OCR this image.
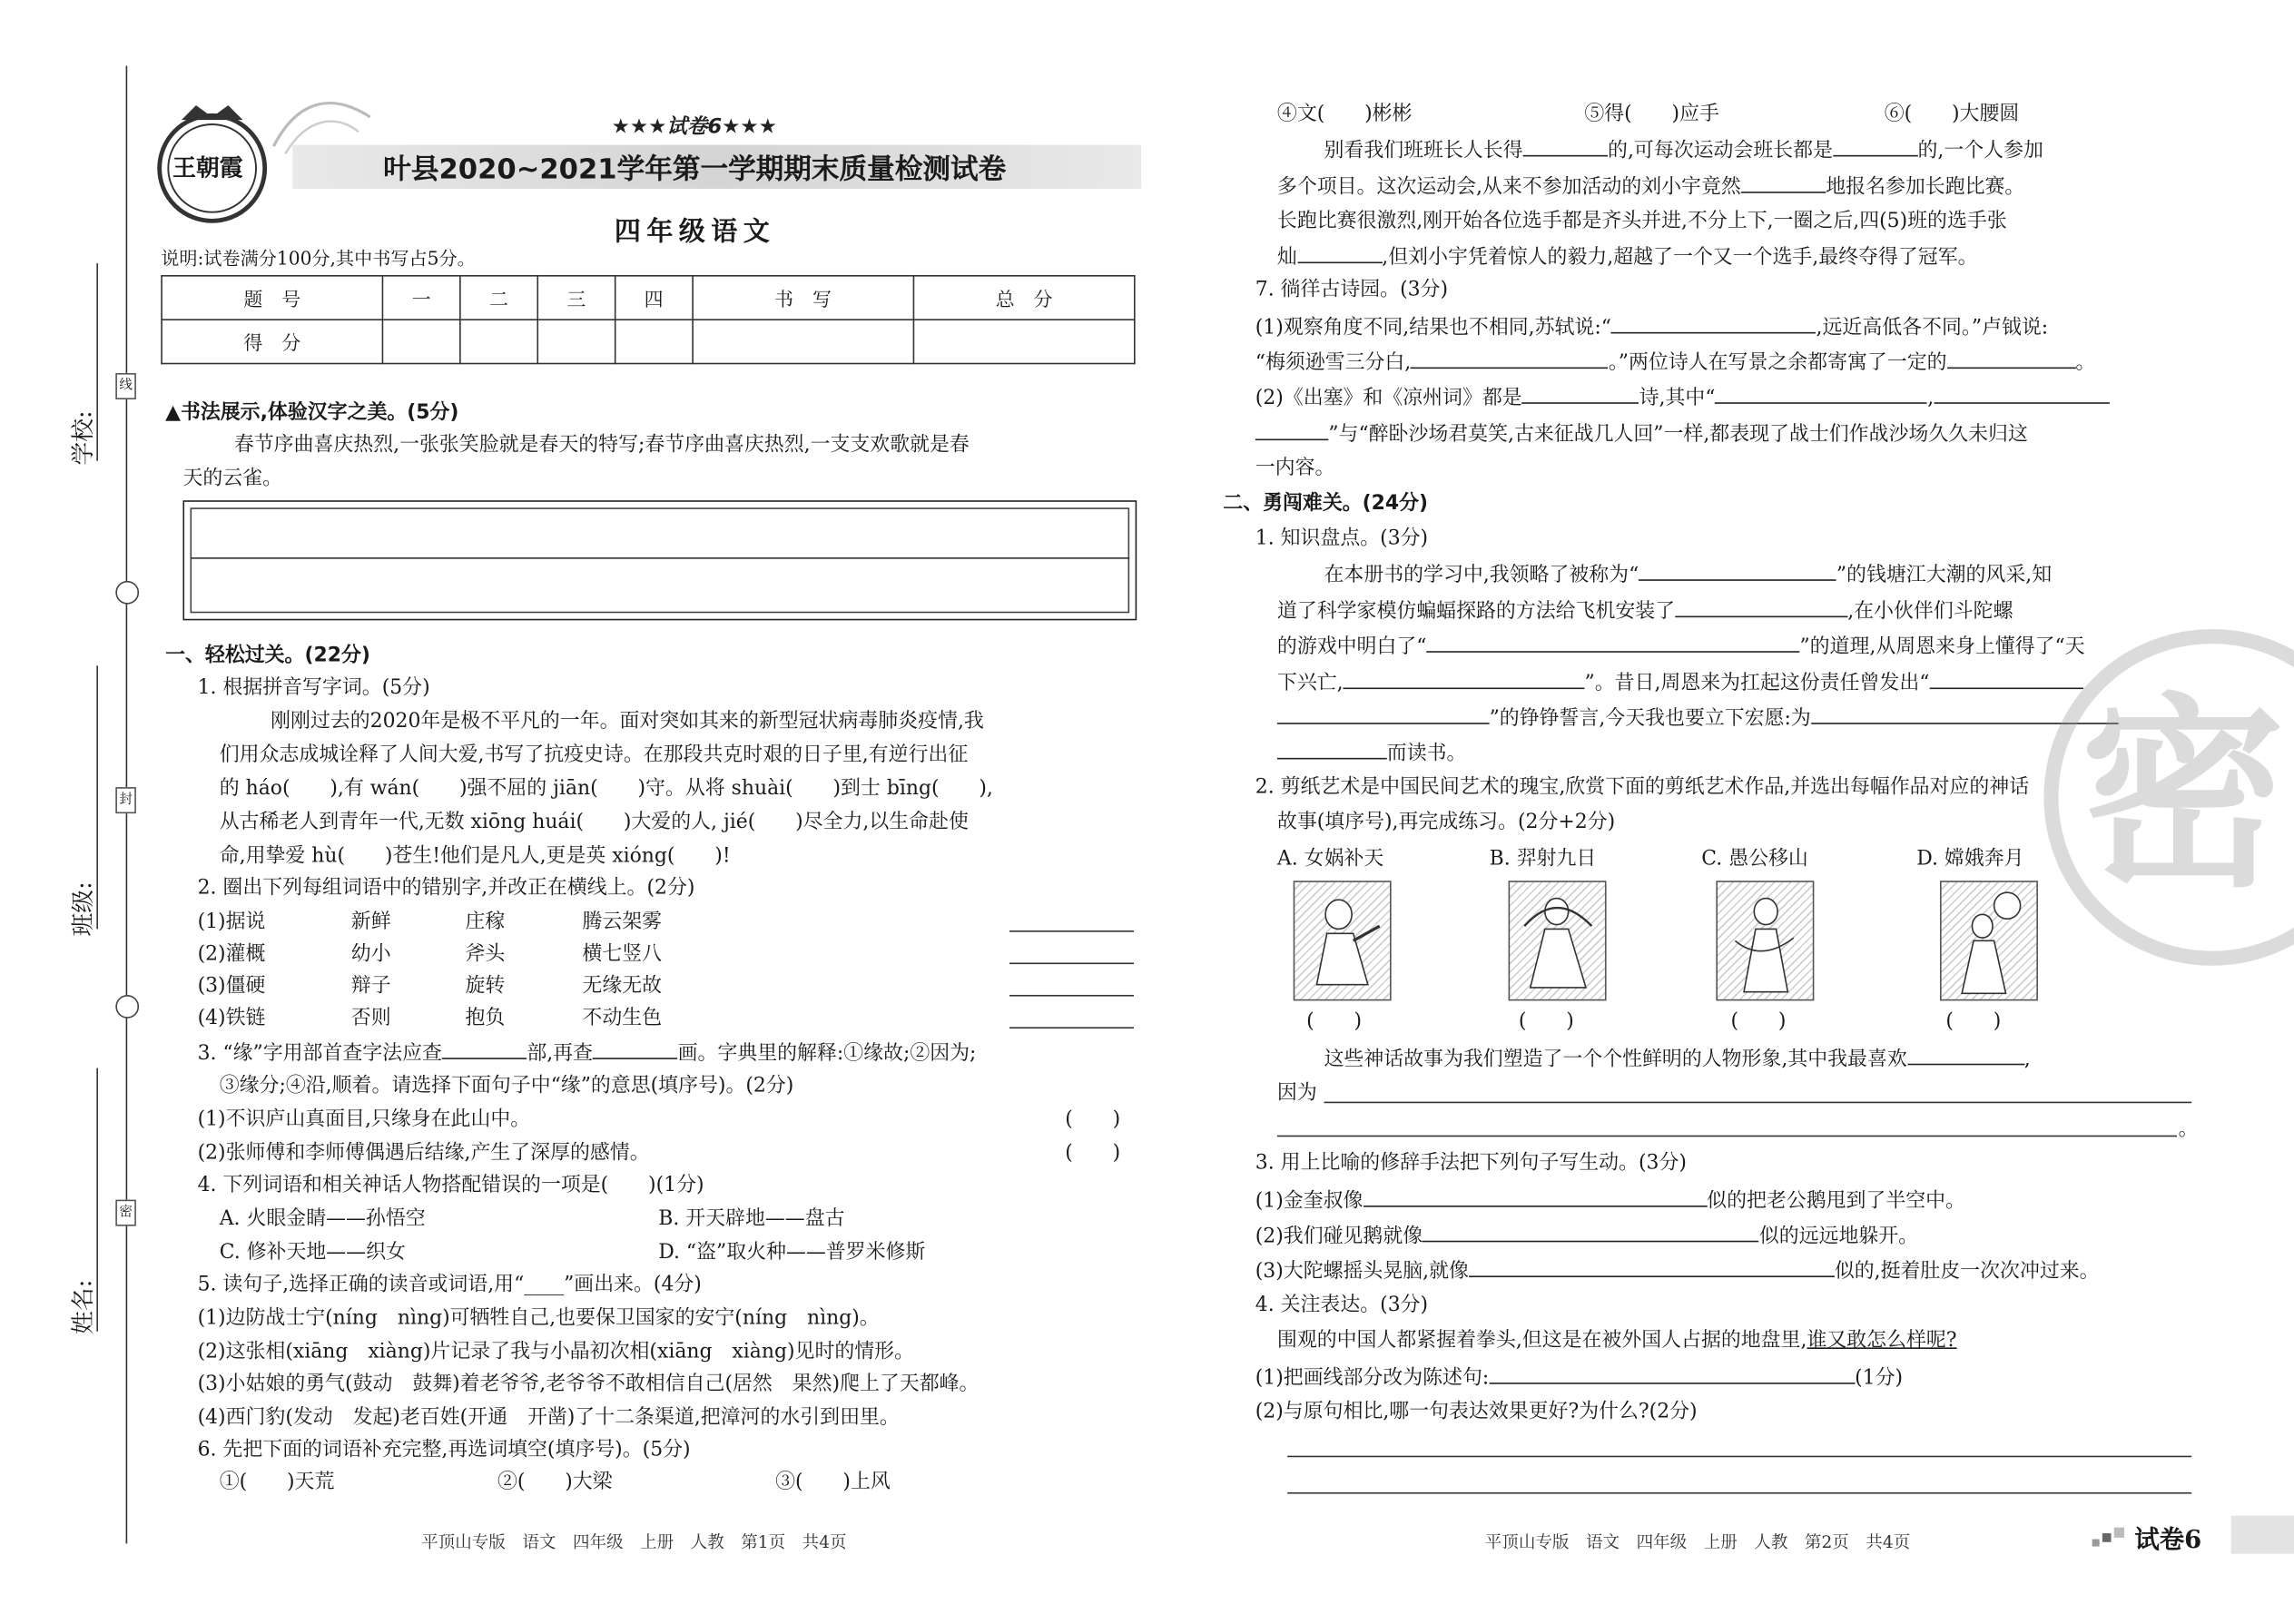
学校:
班级:
姓名:
线
封
密
王朝霞
★★★试卷6★★★
叶县2020~2021学年第一学期期末质量检测试卷
四年级语文
说明:试卷满分100分,其中书写占5分。
题　号	一	二	三	四	书　写	总　分
得　分						
▲书法展示,体验汉字之美。(5分)
春节序曲喜庆热烈,一张张笑脸就是春天的特写;春节序曲喜庆热烈,一支支欢歌就是春
天的云雀。
一、轻松过关。(22分)
1. 根据拼音写字词。(5分)
刚刚过去的2020年是极不平凡的一年。面对突如其来的新型冠状病毒肺炎疫情,我
们用众志成城诠释了人间大爱,书写了抗疫史诗。在那段共克时艰的日子里,有逆行出征
的 háo(　　),有 wán(　　)强不屈的 jiān(　　)守。从将 shuài(　　)到士 bīng(　　),
从古稀老人到青年一代,无数 xiōng huái(　　)大爱的人, jié(　　)尽全力,以生命赴使
命,用挚爱 hù(　　)苍生!他们是凡人,更是英 xióng(　　)!
2. 圈出下列每组词语中的错别字,并改正在横线上。(2分)
(1)据说	新鲜	庄稼	腾云架雾
(2)灌概	幼小	斧头	横七竖八
(3)僵硬	辩子	旋转	无缘无故
(4)铁链	否则	抱负	不动生色
3. “缘”字用部首查字法应查	部,再查	画。字典里的解释:①缘故;②因为;
③缘分;④沿,顺着。请选择下面句子中“缘”的意思(填序号)。(2分)
(1)不识庐山真面目,只缘身在此山中。	(　　)
(2)张师傅和李师傅偶遇后结缘,产生了深厚的感情。	(　　)
4. 下列词语和相关神话人物搭配错误的一项是(　　)(1分)
A. 火眼金睛——孙悟空	B. 开天辟地——盘古
C. 修补天地——织女	D. “盗”取火种——普罗米修斯
5. 读句子,选择正确的读音或词语,用“____”画出来。(4分)
(1)边防战士宁(níng　nìng)可牺牲自己,也要保卫国家的安宁(níng　nìng)。
(2)这张相(xiāng　xiàng)片记录了我与小晶初次相(xiāng　xiàng)见时的情形。
(3)小姑娘的勇气(鼓动　鼓舞)着老爷爷,老爷爷不敢相信自己(居然　果然)爬上了天都峰。
(4)西门豹(发动　发起)老百姓(开通　开凿)了十二条渠道,把漳河的水引到田里。
6. 先把下面的词语补充完整,再选词填空(填序号)。(5分)
①(　　)天荒	②(　　)大梁	③(　　)上风
平顶山专版　语文　四年级　上册　人教　第1页　共4页
④文(　　)彬彬	⑤得(　　)应手	⑥(　　)大腰圆
别看我们班班长人长得	的,可每次运动会班长都是	的,一个人参加
多个项目。这次运动会,从来不参加活动的刘小宇竟然	地报名参加长跑比赛。
长跑比赛很激烈,刚开始各位选手都是齐头并进,不分上下,一圈之后,四(5)班的选手张
灿	,但刘小宇凭着惊人的毅力,超越了一个又一个选手,最终夺得了冠军。
7. 徜徉古诗园。(3分)
(1)观察角度不同,结果也不相同,苏轼说:“	,远近高低各不同。”卢钺说:
“梅须逊雪三分白,	。”两位诗人在写景之余都寄寓了一定的	。
(2)《出塞》和《凉州词》都是	诗,其中“	,
”与“醉卧沙场君莫笑,古来征战几人回”一样,都表现了战士们作战沙场久久未归这
一内容。
二、勇闯难关。(24分)
1. 知识盘点。(3分)
在本册书的学习中,我领略了被称为“	”的钱塘江大潮的风采,知
道了科学家模仿蝙蝠探路的方法给飞机安装了	,在小伙伴们斗陀螺
的游戏中明白了“	”的道理,从周恩来身上懂得了“天
下兴亡,	”。昔日,周恩来为扛起这份责任曾发出“
”的铮铮誓言,今天我也要立下宏愿:为
而读书。
2. 剪纸艺术是中国民间艺术的瑰宝,欣赏下面的剪纸艺术作品,并选出每幅作品对应的神话
故事(填序号),再完成练习。(2分+2分)
A. 女娲补天	B. 羿射九日	C. 愚公移山	D. 嫦娥奔月
(　　)	(　　)	(　　)	(　　)
这些神话故事为我们塑造了一个个性鲜明的人物形象,其中我最喜欢	,
因为
。
3. 用上比喻的修辞手法把下列句子写生动。(3分)
(1)金奎叔像	似的把老公鹅甩到了半空中。
(2)我们碰见鹅就像	似的远远地躲开。
(3)大陀螺摇头晃脑,就像	似的,挺着肚皮一次次冲过来。
4. 关注表达。(3分)
围观的中国人都紧握着拳头,但这是在被外国人占据的地盘里,谁又敢怎么样呢?
(1)把画线部分改为陈述句:	(1分)
(2)与原句相比,哪一句表达效果更好?为什么?(2分)
平顶山专版　语文　四年级　上册　人教　第2页　共4页	试卷6
密
